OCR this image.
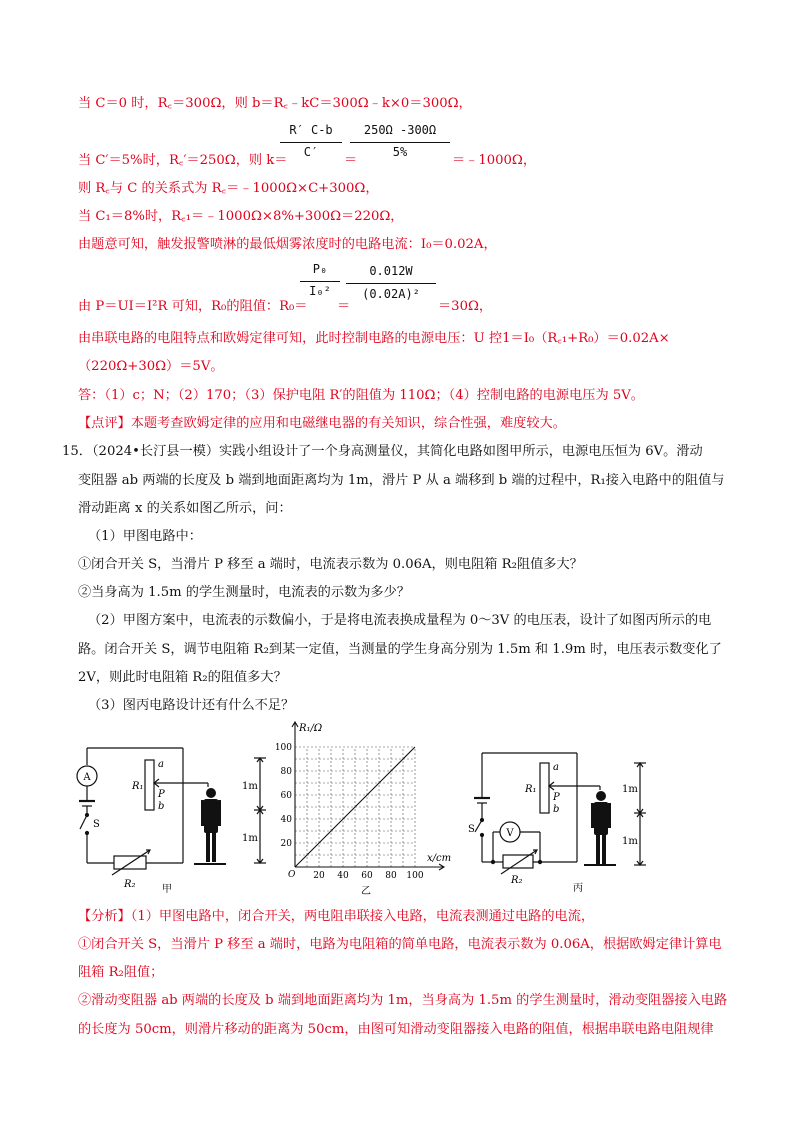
当 C＝0 时，R꜀＝300Ω，则 b＝R꜀﹣kC＝300Ω﹣k×0＝300Ω，
R′ C-b
C′
250Ω -300Ω
5%
当 C′＝5%时，R꜀′＝250Ω，则 k＝	＝	＝﹣1000Ω，
则 R꜀与 C 的关系式为 R꜀＝﹣1000Ω×C+300Ω，
当 C₁＝8%时，R꜀₁＝﹣1000Ω×8%+300Ω＝220Ω，
由题意可知，触发报警喷淋的最低烟雾浓度时的电路电流：I₀＝0.02A，
P₀
I₀²
0.012W
(0.02A)²
由 P＝UI＝I²R 可知，R₀的阻值：R₀＝ ＝	＝30Ω，
由串联电路的电阻特点和欧姆定律可知，此时控制电路的电源电压：U 控1＝I₀（R꜀₁+R₀）＝0.02A×
（220Ω+30Ω）＝5V。
答：（1）c；N；（2）170；（3）保护电阻 R′的阻值为 110Ω；（4）控制电路的电源电压为 5V。
【点评】本题考查欧姆定律的应用和电磁继电器的有关知识，综合性强，难度较大。
15．（2024•长汀县一模）实践小组设计了一个身高测量仪，其简化电路如图甲所示，电源电压恒为 6V。滑动
变阻器 ab 两端的长度及 b 端到地面距离均为 1m，滑片 P 从 a 端移到 b 端的过程中，R₁接入电路中的阻值与
滑动距离 x 的关系如图乙所示，问：
（1）甲图电路中：
①闭合开关 S，当滑片 P 移至 a 端时，电流表示数为 0.06A，则电阻箱 R₂阻值多大？
②当身高为 1.5m 的学生测量时，电流表的示数为多少？
（2）甲图方案中，电流表的示数偏小，于是将电流表换成量程为 0～3V 的电压表，设计了如图丙所示的电
路。闭合开关 S，调节电阻箱 R₂到某一定值，当测量的学生身高分别为 1.5m 和 1.9m 时，电压表示数变化了
2V，则此时电阻箱 R₂的阻值多大？
（3）图丙电路设计还有什么不足？
A
R₁
a
P
b
S
R₂
1m
1m
甲
20 40 60 80 100
20
40
60
80
100
R₁/Ω
x/cm
O
乙
V
R₁
a
P
b
S
R₂
1m
1m
丙
【分析】（1）甲图电路中，闭合开关，两电阻串联接入电路，电流表测通过电路的电流，
①闭合开关 S，当滑片 P 移至 a 端时，电路为电阻箱的简单电路，电流表示数为 0.06A，根据欧姆定律计算电
阻箱 R₂阻值；
②滑动变阻器 ab 两端的长度及 b 端到地面距离均为 1m，当身高为 1.5m 的学生测量时，滑动变阻器接入电路
的长度为 50cm，则滑片移动的距离为 50cm，由图可知滑动变阻器接入电路的阻值，根据串联电路电阻规律
